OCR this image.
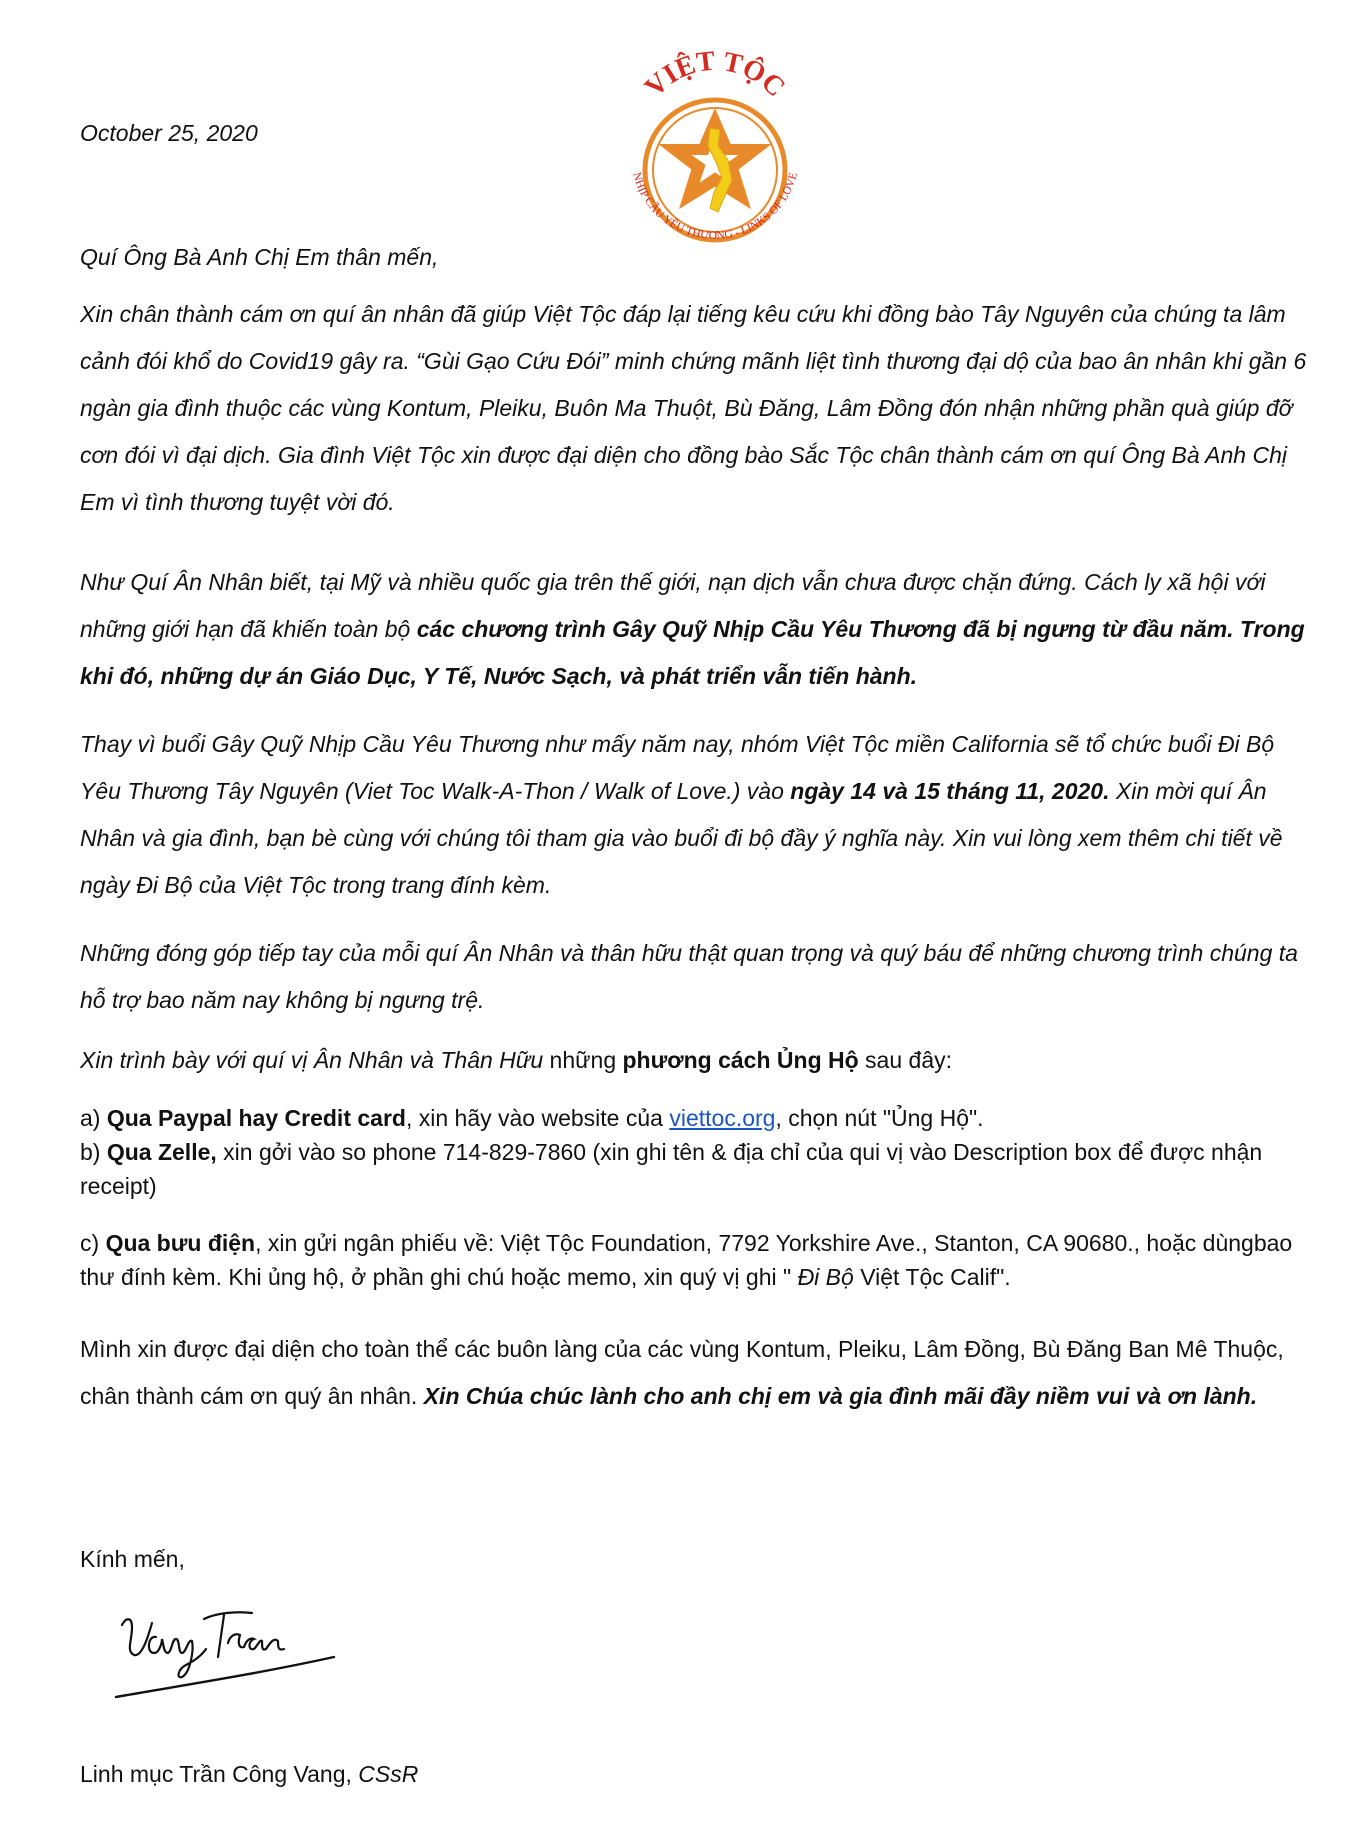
VIỆT TỘC
NHỊP CẦU YÊU THƯƠNG - LINKS OF LOVE

October 25, 2020

Quí Ông Bà Anh Chị Em thân mến,

Xin chân thành cám ơn quí ân nhân đã giúp Việt Tộc đáp lại tiếng kêu cứu khi đồng bào Tây Nguyên của chúng ta lâm cảnh đói khổ do Covid19 gây ra. “Gùi Gạo Cứu Đói” minh chứng mãnh liệt tình thương đại dộ của bao ân nhân khi gần 6 ngàn gia đình thuộc các vùng Kontum, Pleiku, Buôn Ma Thuột, Bù Đăng, Lâm Đồng đón nhận những phần quà giúp đỡ cơn đói vì đại dịch. Gia đình Việt Tộc xin được đại diện cho đồng bào Sắc Tộc chân thành cám ơn quí Ông Bà Anh Chị Em vì tình thương tuyệt vời đó.

Như Quí Ân Nhân biết, tại Mỹ và nhiều quốc gia trên thế giới, nạn dịch vẫn chưa được chặn đứng. Cách ly xã hội với những giới hạn đã khiến toàn bộ các chương trình Gây Quỹ Nhịp Cầu Yêu Thương đã bị ngưng từ đầu năm. Trong khi đó, những dự án Giáo Dục, Y Tế, Nước Sạch, và phát triển vẫn tiến hành.

Thay vì buổi Gây Quỹ Nhịp Cầu Yêu Thương như mấy năm nay, nhóm Việt Tộc miền California sẽ tổ chức buổi Đi Bộ Yêu Thương Tây Nguyên (Viet Toc Walk-A-Thon / Walk of Love.) vào ngày 14 và 15 tháng 11, 2020. Xin mời quí Ân Nhân và gia đình, bạn bè cùng với chúng tôi tham gia vào buổi đi bộ đầy ý nghĩa này. Xin vui lòng xem thêm chi tiết về ngày Đi Bộ của Việt Tộc trong trang đính kèm.

Những đóng góp tiếp tay của mỗi quí Ân Nhân và thân hữu thật quan trọng và quý báu để những chương trình chúng ta hỗ trợ bao năm nay không bị ngưng trệ.

Xin trình bày với quí vị Ân Nhân và Thân Hữu những phương cách Ủng Hộ sau đây:

a) Qua Paypal hay Credit card, xin hãy vào website của viettoc.org, chọn nút "Ủng Hộ".
b) Qua Zelle, xin gởi vào so phone 714-829-7860 (xin ghi tên & địa chỉ của qui vị vào Description box để được nhận receipt)
c) Qua bưu điện, xin gửi ngân phiếu về: Việt Tộc Foundation, 7792 Yorkshire Ave., Stanton, CA 90680., hoặc dùngbao thư đính kèm. Khi ủng hộ, ở phần ghi chú hoặc memo, xin quý vị ghi " Đi Bộ Việt Tộc Calif".

Mình xin được đại diện cho toàn thể các buôn làng của các vùng Kontum, Pleiku, Lâm Đồng, Bù Đăng Ban Mê Thuộc, chân thành cám ơn quý ân nhân. Xin Chúa chúc lành cho anh chị em và gia đình mãi đầy niềm vui và ơn lành.

Kính mến,

Linh mục Trần Công Vang, CSsR
